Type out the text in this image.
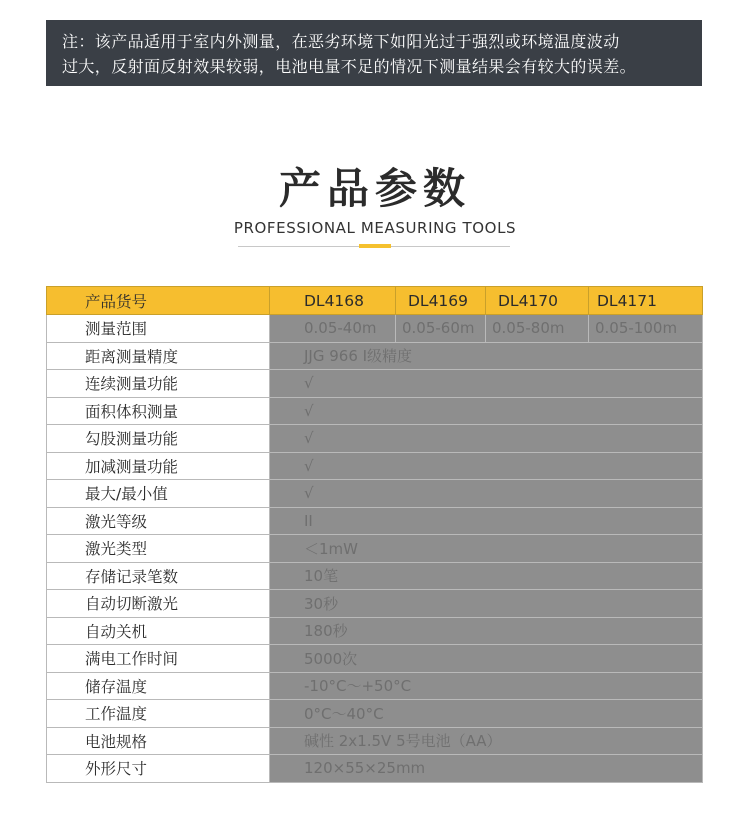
注：该产品适用于室内外测量，在恶劣环境下如阳光过于强烈或环境温度波动
过大，反射面反射效果较弱，电池电量不足的情况下测量结果会有较大的误差。
产品参数
PROFESSIONAL MEASURING TOOLS
产品货号	DL4168	DL4169	DL4170	DL4171
测量范围	0.05-40m	0.05-60m	0.05-80m	0.05-100m
距离测量精度	JJG 966 Ⅰ级精度			
连续测量功能	√			
面积体积测量	√			
勾股测量功能	√			
加减测量功能	√			
最大/最小值	√			
激光等级	II			
激光类型	＜1mW			
存储记录笔数	10笔			
自动切断激光	30秒			
自动关机	180秒			
满电工作时间	5000次			
储存温度	-10°C～+50°C			
工作温度	0°C～40°C			
电池规格	碱性 2x1.5V 5号电池（AA）			
外形尺寸	120×55×25mm			
